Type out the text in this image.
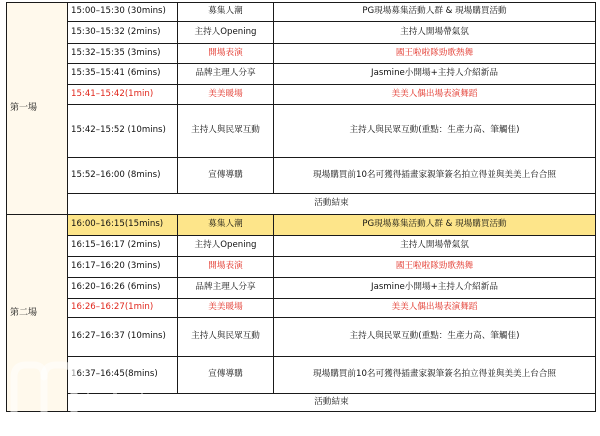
第一場	15:00–15:30 (30mins)	募集人潮	PG現場募集活動人群 & 現場購買活動
	15:30–15:32 (2mins)	主持人Opening	主持人開場帶氣氛
	15:32–15:35 (3mins)	開場表演	國王啦啦隊勁歌熱舞
	15:35–15:41 (6mins)	品牌主理人分享	Jasmine小開場+主持人介紹新品
	15:41–15:42(1min)	美美暖場	美美人偶出場表演舞蹈
	15:42–15:52 (10mins)	主持人與民眾互動	主持人與民眾互動(重點：生產力高、筆觸佳)
	15:52–16:00 (8mins)	宣傳導購	現場購買前10名可獲得插畫家親筆簽名拍立得並與美美上台合照
	活動結束		
第二場	16:00–16:15(15mins)	募集人潮	PG現場募集活動人群 & 現場購買活動
	16:15–16:17 (2mins)	主持人Opening	主持人開場帶氣氛
	16:17–16:20 (3mins)	開場表演	國王啦啦隊勁歌熱舞
	16:20–16:26 (6mins)	品牌主理人分享	Jasmine小開場+主持人介紹新品
	16:26–16:27(1min)	美美暖場	美美人偶出場表演舞蹈
	16:27–16:37 (10mins)	主持人與民眾互動	主持人與民眾互動(重點：生產力高、筆觸佳)
	16:37–16:45(8mins)	宣傳導購	現場購買前10名可獲得插畫家親筆簽名拍立得並與美美上台合照
	活動結束		
